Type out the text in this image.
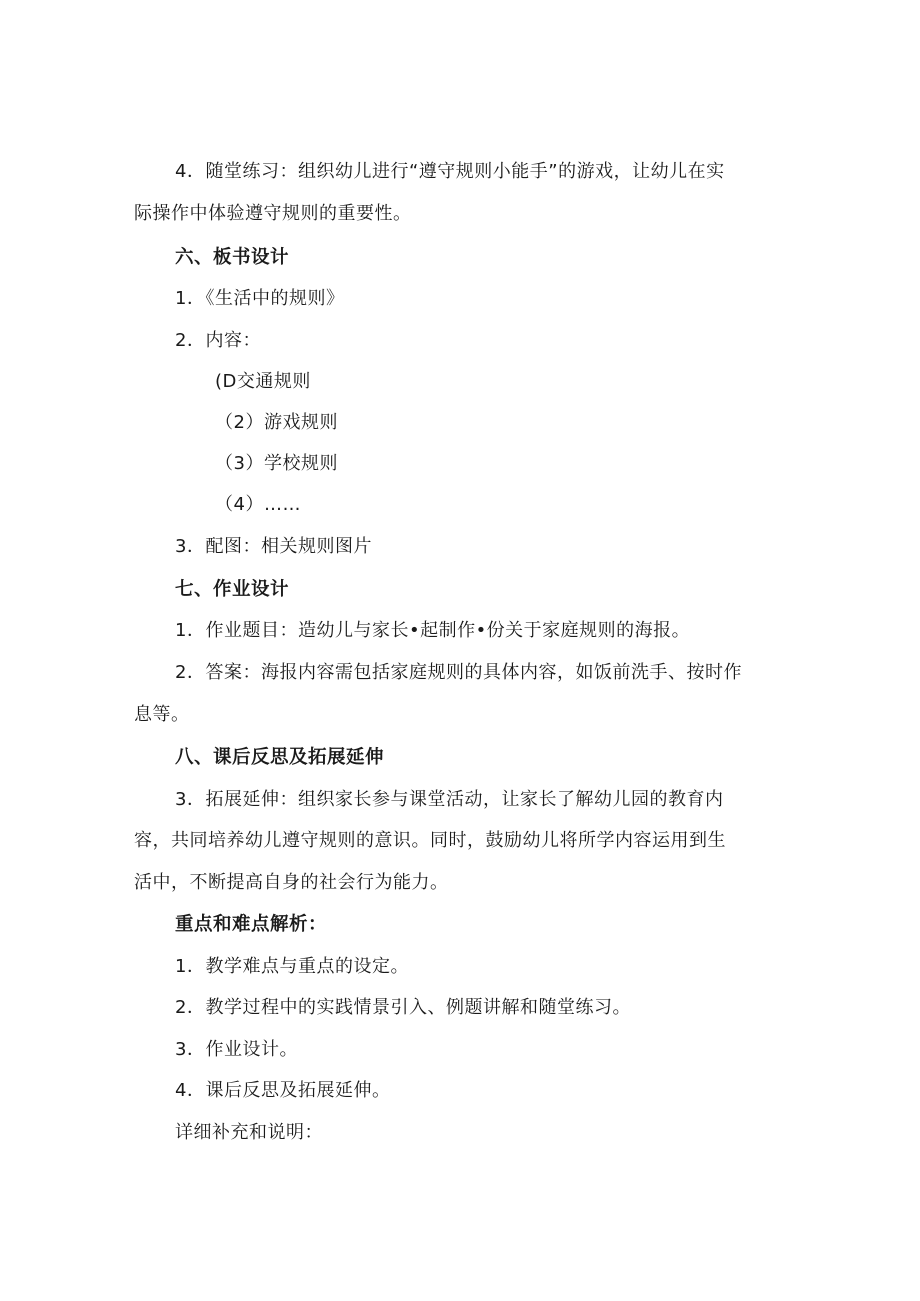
4．随堂练习：组织幼儿进行“遵守规则小能手”的游戏，让幼儿在实
际操作中体验遵守规则的重要性。
六、板书设计
1．《生活中的规则》
2．内容：
(D交通规则
（2）游戏规则
（3）学校规则
（4）……
3．配图：相关规则图片
七、作业设计
1．作业题目：造幼儿与家长•起制作•份关于家庭规则的海报。
2．答案：海报内容需包括家庭规则的具体内容，如饭前洗手、按时作
息等。
八、课后反思及拓展延伸
3．拓展延伸：组织家长参与课堂活动，让家长了解幼儿园的教育内
容，共同培养幼儿遵守规则的意识。同时，鼓励幼儿将所学内容运用到生
活中，不断提高自身的社会行为能力。
重点和难点解析：
1．教学难点与重点的设定。
2．教学过程中的实践情景引入、例题讲解和随堂练习。
3．作业设计。
4．课后反思及拓展延伸。
详细补充和说明：
